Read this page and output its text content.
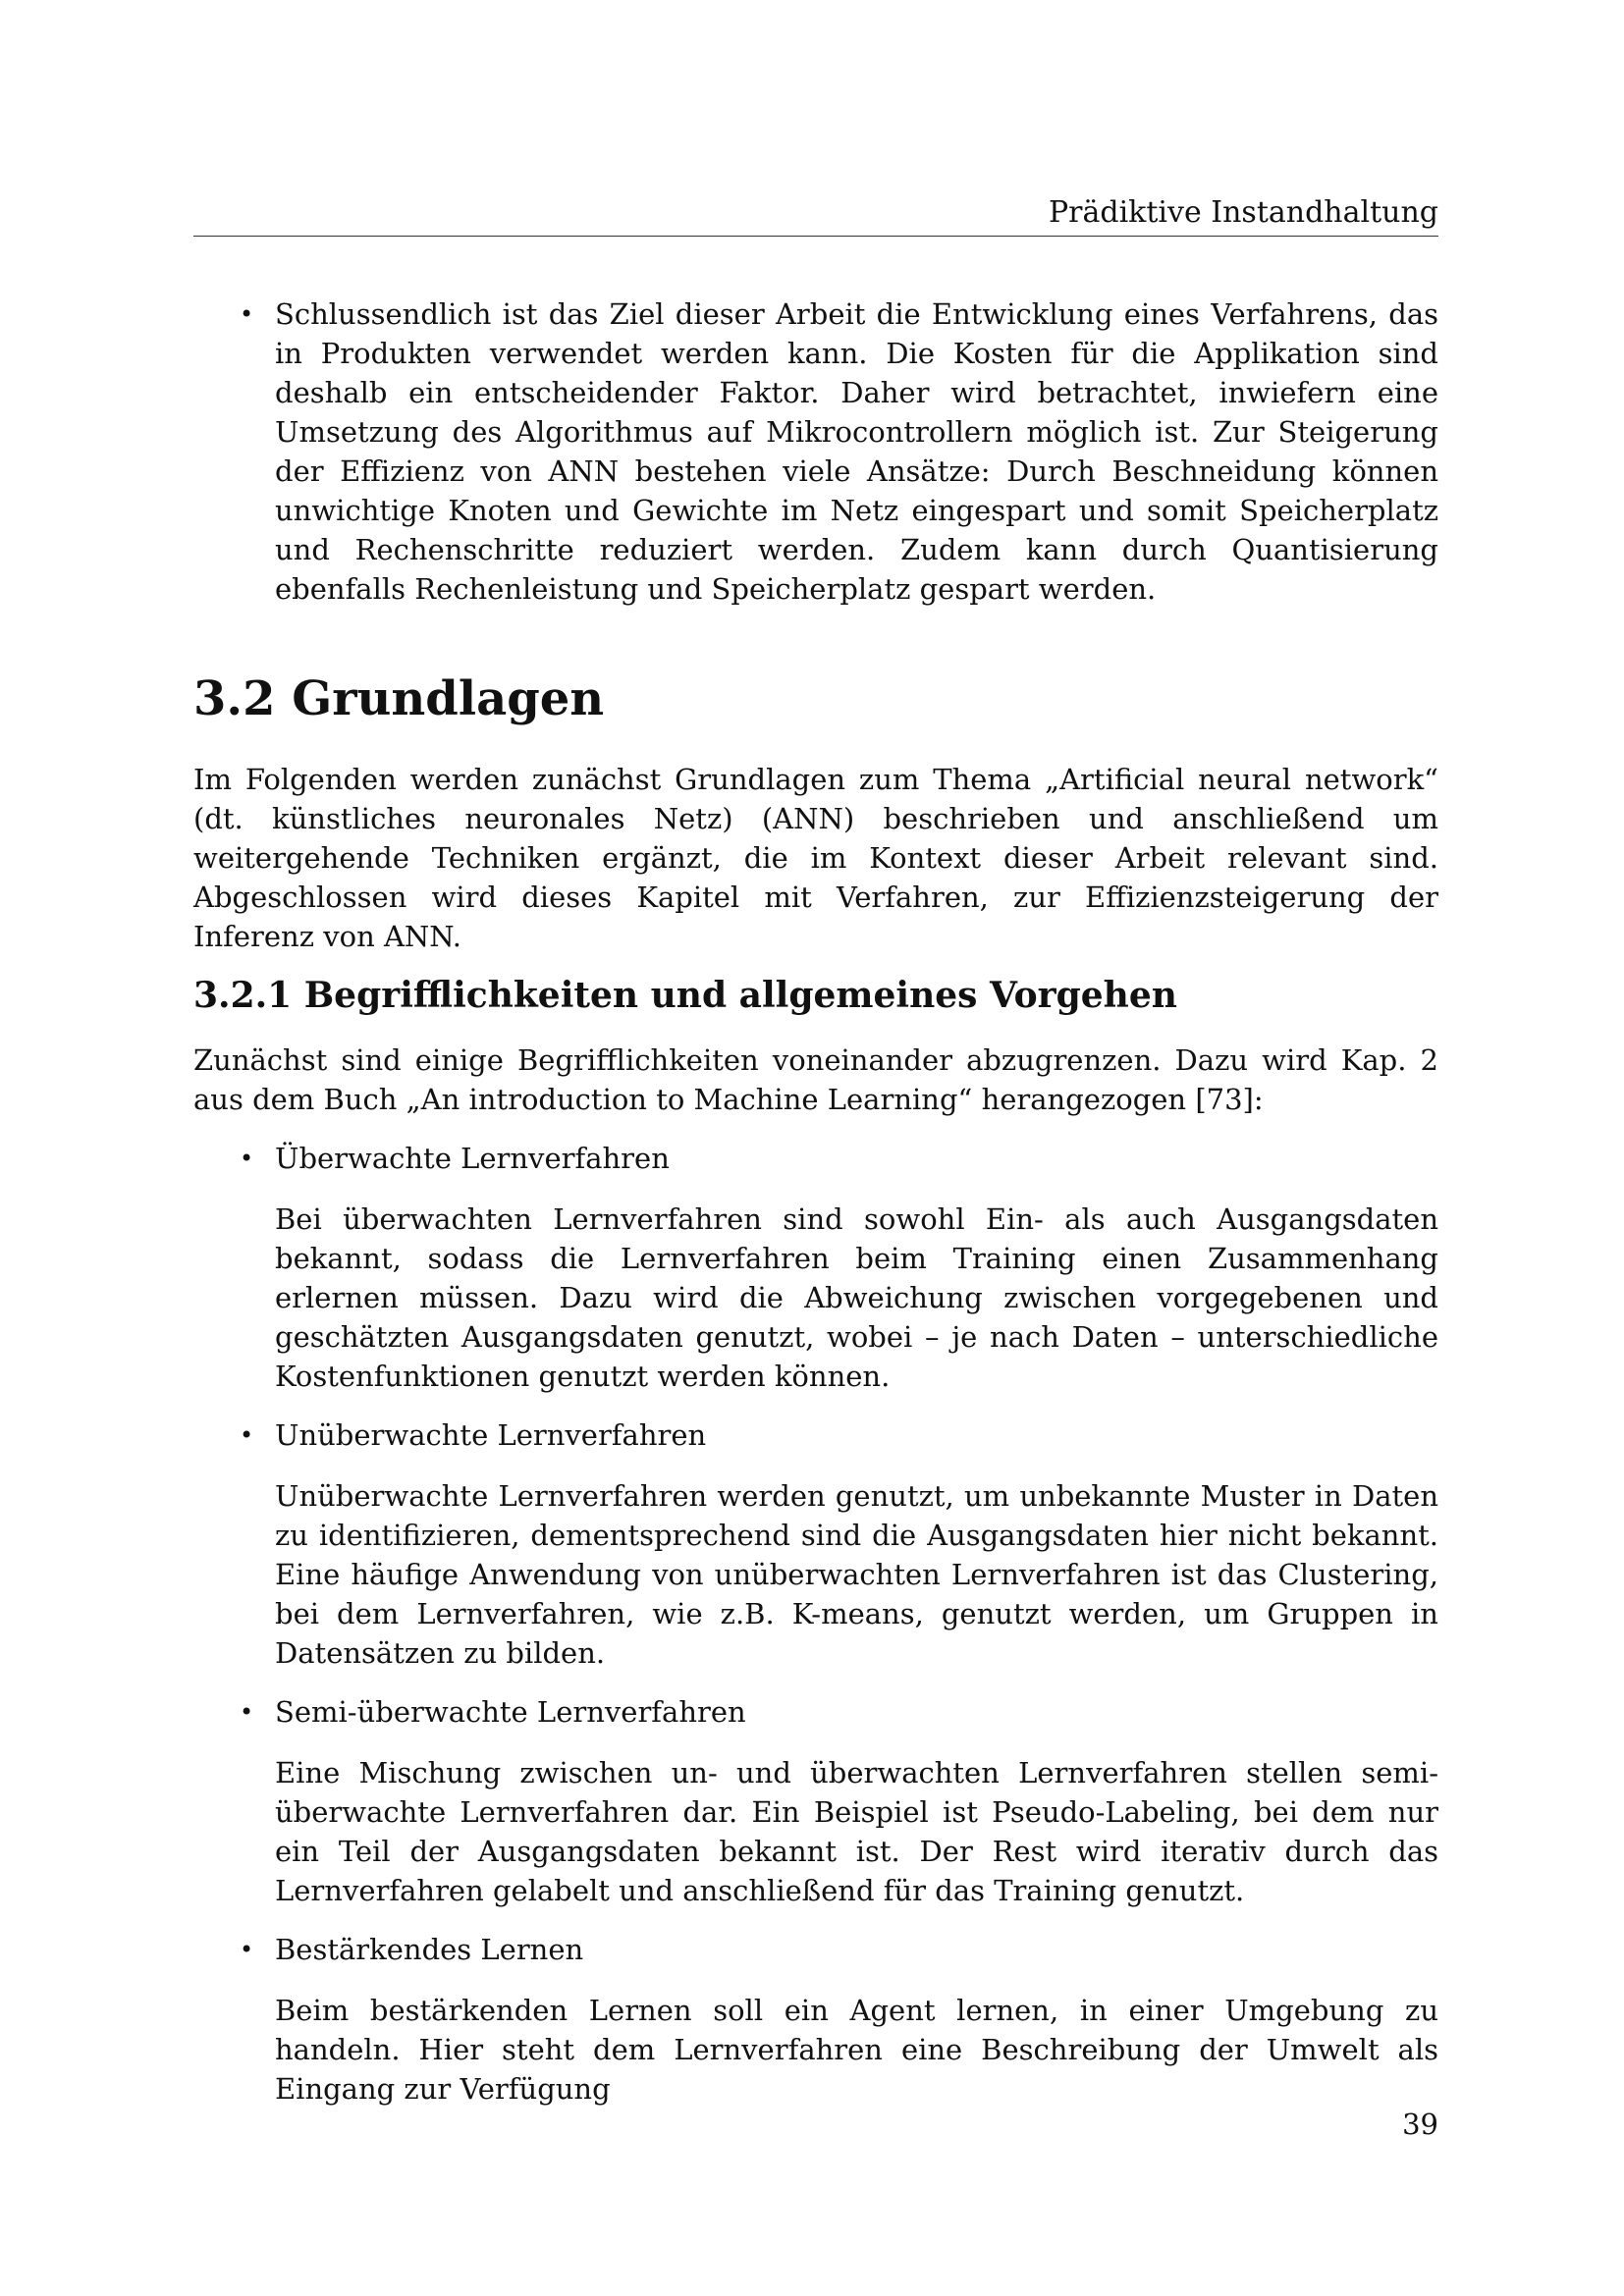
Prädiktive Instandhaltung
• Schlussendlich ist das Ziel dieser Arbeit die Entwicklung eines Verfahrens, das in Produkten verwendet werden kann. Die Kosten für die Applikation sind deshalb ein entscheidender Faktor. Daher wird betrachtet, inwiefern eine Umsetzung des Algorithmus auf Mikrocontrollern möglich ist. Zur Steigerung der Effizienz von ANN bestehen viele Ansätze: Durch Beschneidung können unwichtige Knoten und Gewichte im Netz eingespart und somit Speicherplatz und Rechenschritte reduziert werden. Zudem kann durch Quantisierung ebenfalls Rechenleistung und Speicherplatz gespart werden.

3.2 Grundlagen

Im Folgenden werden zunächst Grundlagen zum Thema „Artificial neural network“ (dt. künstliches neuronales Netz) (ANN) beschrieben und anschließend um weitergehende Techniken ergänzt, die im Kontext dieser Arbeit relevant sind. Abgeschlossen wird dieses Kapitel mit Verfahren, zur Effizienzsteigerung der Inferenz von ANN.

3.2.1 Begrifflichkeiten und allgemeines Vorgehen

Zunächst sind einige Begrifflichkeiten voneinander abzugrenzen. Dazu wird Kap. 2 aus dem Buch „An introduction to Machine Learning“ herangezogen [73]:

• Überwachte Lernverfahren

Bei überwachten Lernverfahren sind sowohl Ein- als auch Ausgangsdaten bekannt, sodass die Lernverfahren beim Training einen Zusammenhang erlernen müssen. Dazu wird die Abweichung zwischen vorgegebenen und geschätzten Ausgangsdaten genutzt, wobei – je nach Daten – unterschiedliche Kostenfunktionen genutzt werden können.

• Unüberwachte Lernverfahren

Unüberwachte Lernverfahren werden genutzt, um unbekannte Muster in Daten zu identifizieren, dementsprechend sind die Ausgangsdaten hier nicht bekannt. Eine häufige Anwendung von unüberwachten Lernverfahren ist das Clustering, bei dem Lernverfahren, wie z.B. K-means, genutzt werden, um Gruppen in Datensätzen zu bilden.

• Semi-überwachte Lernverfahren

Eine Mischung zwischen un- und überwachten Lernverfahren stellen semi-überwachte Lernverfahren dar. Ein Beispiel ist Pseudo-Labeling, bei dem nur ein Teil der Ausgangsdaten bekannt ist. Der Rest wird iterativ durch das Lernverfahren gelabelt und anschließend für das Training genutzt.

• Bestärkendes Lernen

Beim bestärkenden Lernen soll ein Agent lernen, in einer Umgebung zu handeln. Hier steht dem Lernverfahren eine Beschreibung der Umwelt als Eingang zur Verfügung

39
